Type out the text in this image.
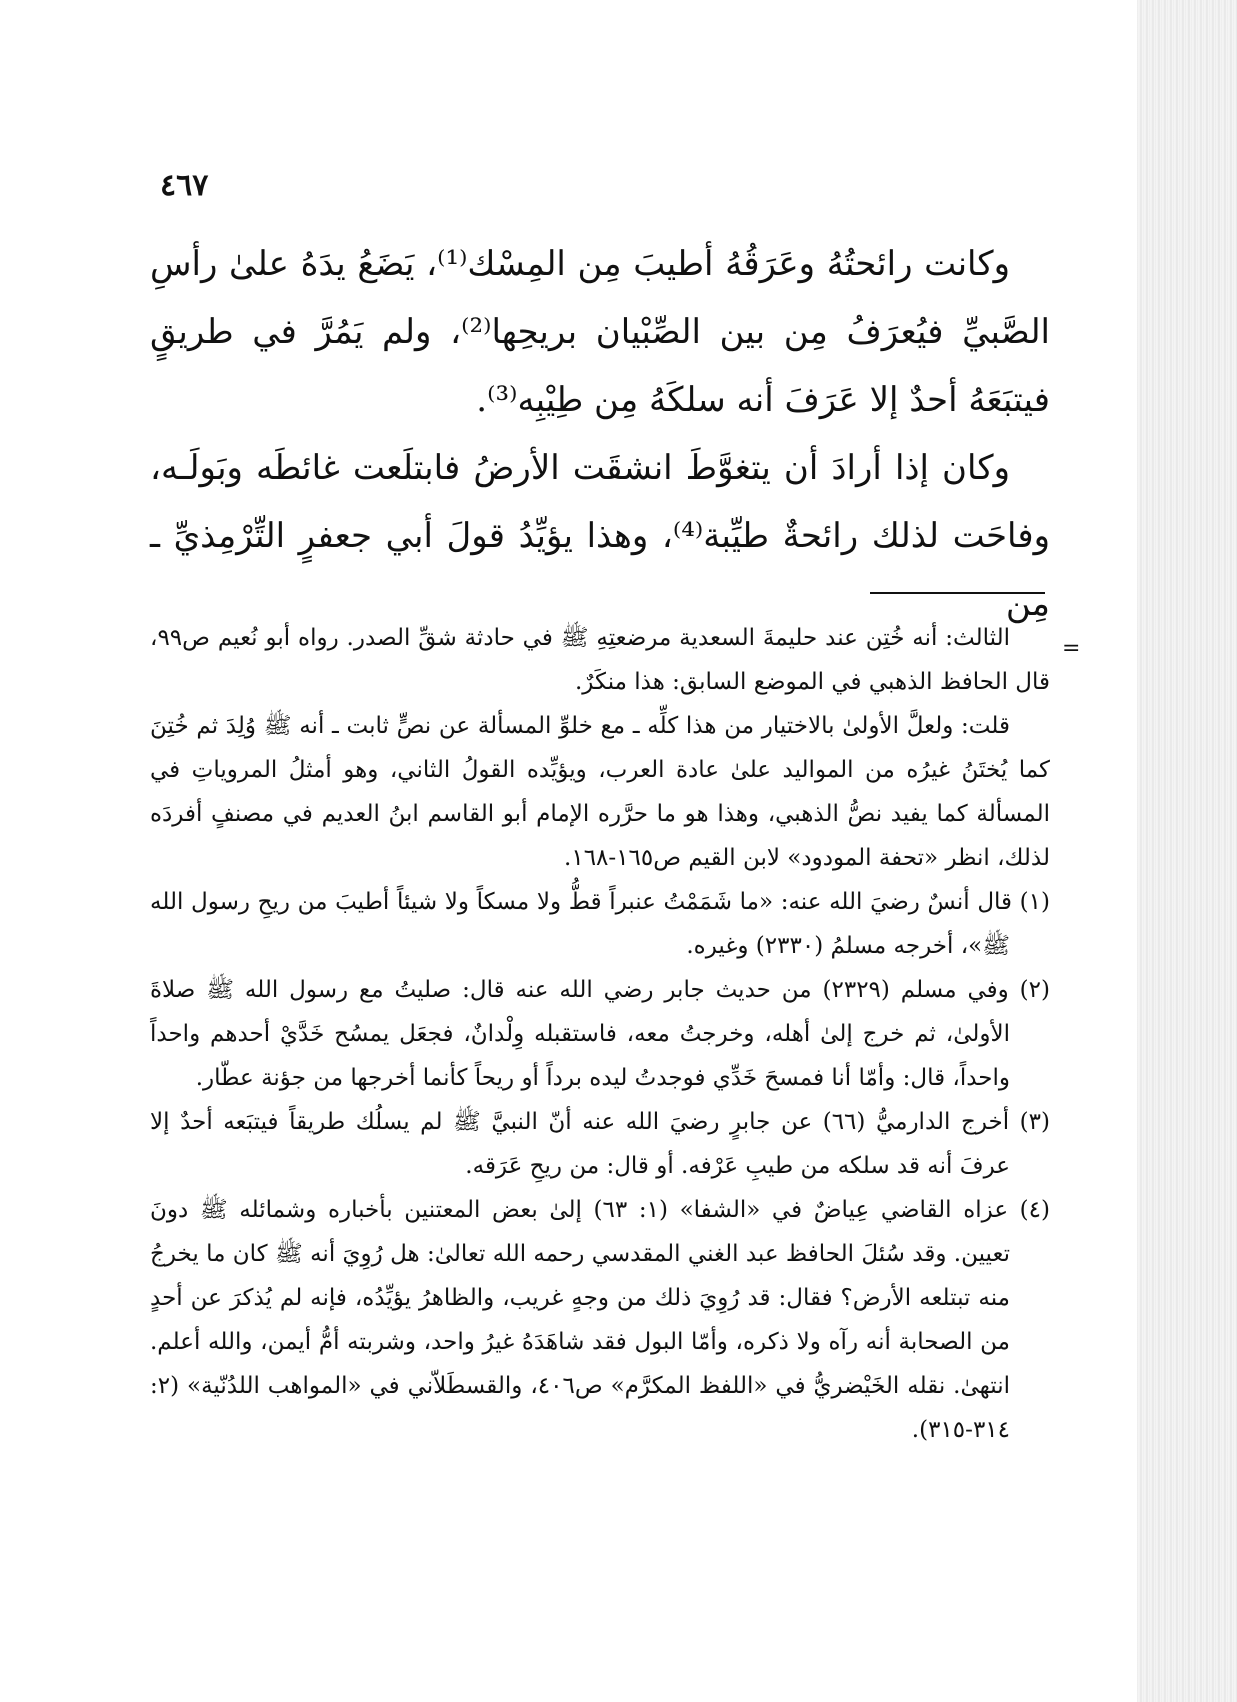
٤٦٧

وكانت رائحتُهُ وعَرَقُهُ أطيبَ مِن المِسْك⁽¹⁾، يَضَعُ يدَهُ علىٰ رأسِ الصَّبيِّ فيُعرَفُ مِن بين الصِّبْيان بريحِها⁽²⁾، ولم يَمُرَّ في طريقٍ فيتبَعَهُ أحدٌ إلا عَرَفَ أنه سلكَهُ مِن طِيْبِه⁽³⁾.

وكان إذا أرادَ أن يتغوَّطَ انشقَت الأرضُ فابتلَعت غائطَه وبَولَـه، وفاحَت لذلك رائحةٌ طيِّبة⁽⁴⁾، وهذا يؤيِّدُ قولَ أبي جعفرٍ التِّرْمِذيِّ ـ مِن

=

الثالث: أنه خُتِن عند حليمةَ السعدية مرضعتِهِ ﷺ في حادثة شقِّ الصدر. رواه أبو نُعيم ص٩٩، قال الحافظ الذهبي في الموضع السابق: هذا منكَرٌ.

قلت: ولعلَّ الأولىٰ بالاختيار من هذا كلِّه ـ مع خلوِّ المسألة عن نصٍّ ثابت ـ أنه ﷺ وُلِدَ ثم خُتِنَ كما يُختَنُ غيرُه من المواليد علىٰ عادة العرب، ويؤيِّده القولُ الثاني، وهو أمثلُ المروياتِ في المسألة كما يفيد نصُّ الذهبي، وهذا هو ما حرَّره الإمام أبو القاسم ابنُ العديم في مصنفٍ أفردَه لذلك، انظر «تحفة المودود» لابن القيم ص١٦٥-١٦٨.

(١) قال أنسٌ رضيَ الله عنه: «ما شَمَمْتُ عنبراً قطُّ ولا مسكاً ولا شيئاً أطيبَ من ريحِ رسول الله ﷺ»، أخرجه مسلمُ (٢٣٣٠) وغيره.

(٢) وفي مسلم (٢٣٢٩) من حديث جابر رضي الله عنه قال: صليتُ مع رسول الله ﷺ صلاةَ الأولىٰ، ثم خرج إلىٰ أهله، وخرجتُ معه، فاستقبله وِلْدانٌ، فجعَل يمسُح خَدَّيْ أحدهم واحداً واحداً، قال: وأمّا أنا فمسحَ خَدِّي فوجدتُ ليده برداً أو ريحاً كأنما أخرجها من جؤنة عطّار.

(٣) أخرج الدارميُّ (٦٦) عن جابرٍ رضيَ الله عنه أنّ النبيَّ ﷺ لم يسلُك طريقاً فيتبَعه أحدٌ إلا عرفَ أنه قد سلكه من طيبِ عَرْفه. أو قال: من ريحِ عَرَقه.

(٤) عزاه القاضي عِياضٌ في «الشفا» (١: ٦٣) إلىٰ بعض المعتنين بأخباره وشمائله ﷺ دونَ تعيين. وقد سُئلَ الحافظ عبد الغني المقدسي رحمه الله تعالىٰ: هل رُوِيَ أنه ﷺ كان ما يخرجُ منه تبتلعه الأرض؟ فقال: قد رُوِيَ ذلك من وجهٍ غريب، والظاهرُ يؤيِّدُه، فإنه لم يُذكرَ عن أحدٍ من الصحابة أنه رآه ولا ذكره، وأمّا البول فقد شاهَدَهُ غيرُ واحد، وشربته أمُّ أيمن، والله أعلم. انتهىٰ. نقله الخَيْضريُّ في «اللفظ المكرَّم» ص٤٠٦، والقسطَلاّني في «المواهب اللدُنّية» (٢: ٣١٤-٣١٥).
